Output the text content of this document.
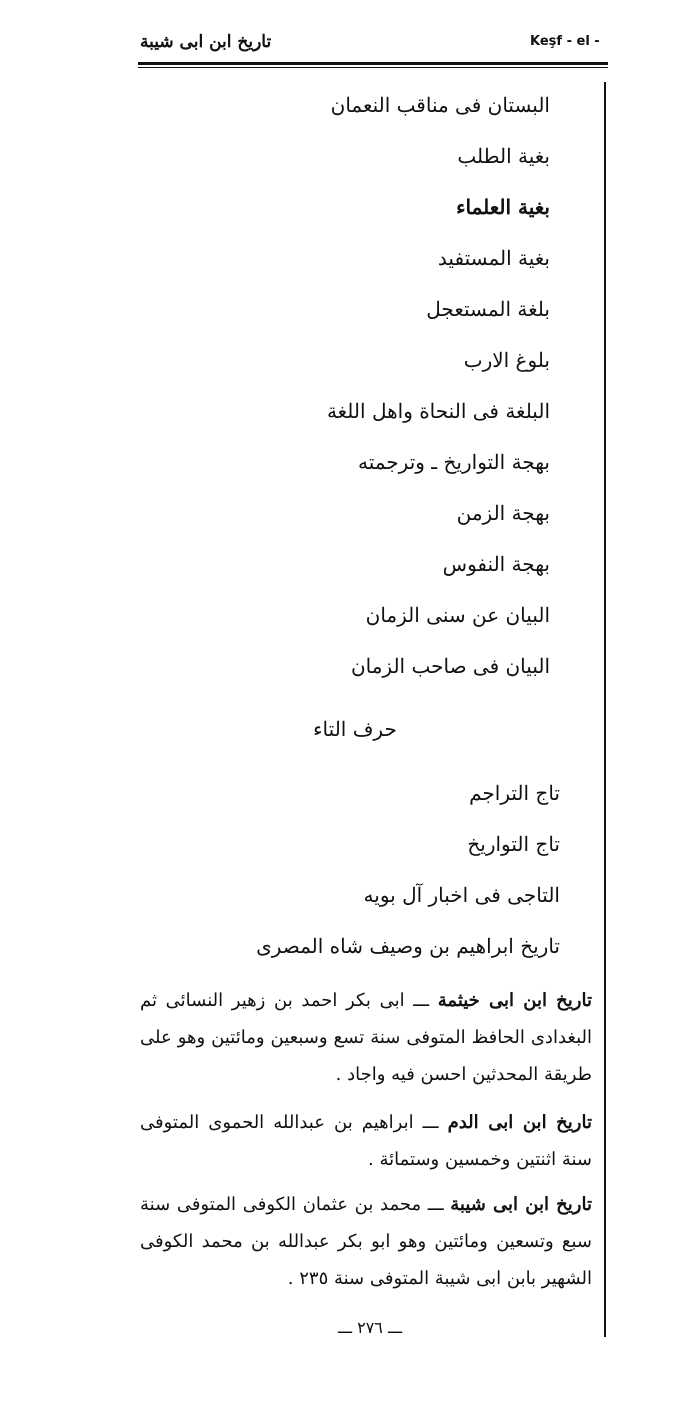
تاريخ ابن ابى شيبة	Keşf - el -
البستان فى مناقب النعمان
بغية الطلب
بغية العلماء
بغية المستفيد
بلغة المستعجل
بلوغ الارب
البلغة فى النحاة واهل اللغة
بهجة التواريخ ـ وترجمته
بهجة الزمن
بهجة النفوس
البيان عن سنى الزمان
البيان فى صاحب الزمان
حرف التاء
تاج التراجم
تاج التواريخ
التاجى فى اخبار آل بويه
تاريخ ابراهيم بن وصيف شاه المصرى
تاريخ ابن ابى خيثمة ـــ ابى بكر احمد بن زهير النسائى ثم البغدادى الحافظ المتوفى سنة تسع وسبعين ومائتين وهو على طريقة المحدثين احسن فيه واجاد .
تاريخ ابن ابى الدم ـــ ابراهيم بن عبدالله الحموى المتوفى سنة اثنتين وخمسين وستمائة .
تاريخ ابن ابى شيبة ـــ محمد بن عثمان الكوفى المتوفى سنة سبع وتسعين ومائتين وهو ابو بكر عبدالله بن محمد الكوفى الشهير بابن ابى شيبة المتوفى سنة ٢٣٥ .
ـــ ٢٧٦ ـــ
